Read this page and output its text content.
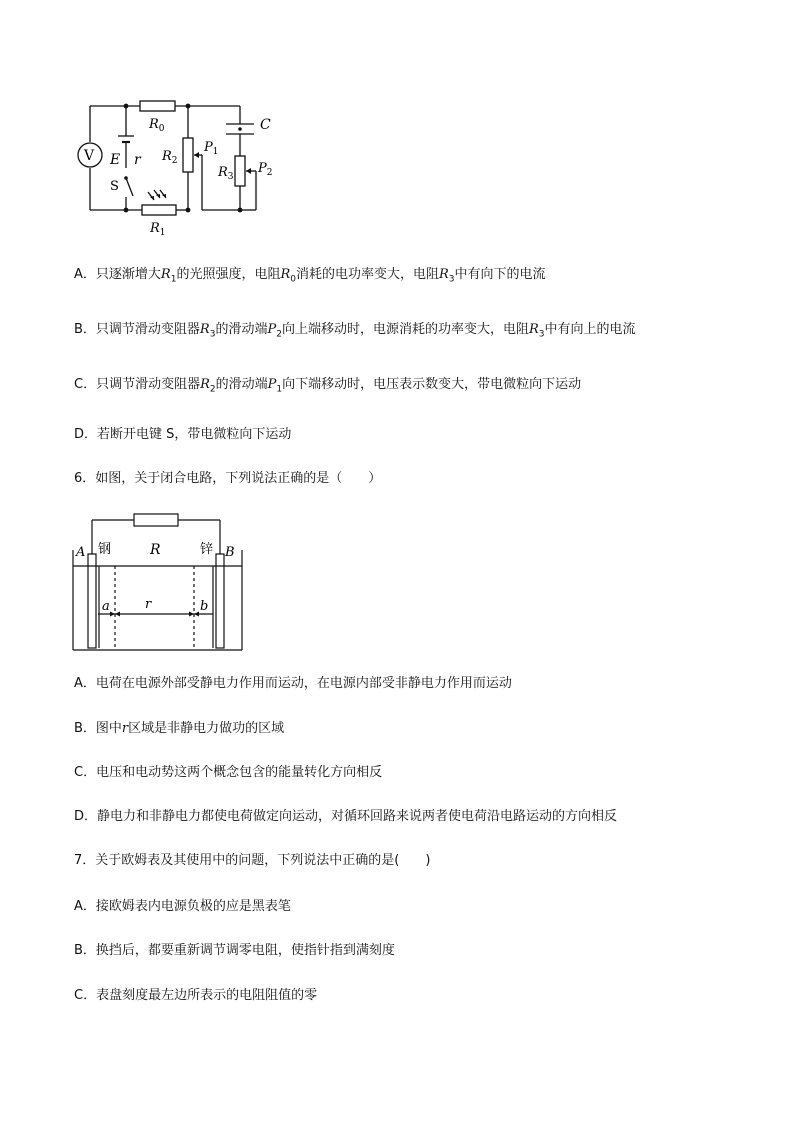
V
$R_0$	C
E r $R_2$
$P_1$
$R_3$
$P_2$
S
$R_1$
A．只逐渐增大$R_1$的光照强度，电阻$R_0$消耗的电功率变大，电阻$R_3$中有向下的电流
B．只调节滑动变阻器$R_3$的滑动端$P_2$向上端移动时，电源消耗的功率变大，电阻$R_3$中有向上的电流
C．只调节滑动变阻器$R_2$的滑动端$P_1$向下端移动时，电压表示数变大，带电微粒向下运动
D．若断开电键 S，带电微粒向下运动
6．如图，关于闭合电路，下列说法正确的是（　　）
A 钢	R	锌 B
a	r	b
A．电荷在电源外部受静电力作用而运动，在电源内部受非静电力作用而运动
B．图中r区域是非静电力做功的区域
C．电压和电动势这两个概念包含的能量转化方向相反
D．静电力和非静电力都使电荷做定向运动，对循环回路来说两者使电荷沿电路运动的方向相反
7．关于欧姆表及其使用中的问题，下列说法中正确的是(　　)
A．接欧姆表内电源负极的应是黑表笔
B．换挡后，都要重新调节调零电阻，使指针指到满刻度
C．表盘刻度最左边所表示的电阻阻值的零
